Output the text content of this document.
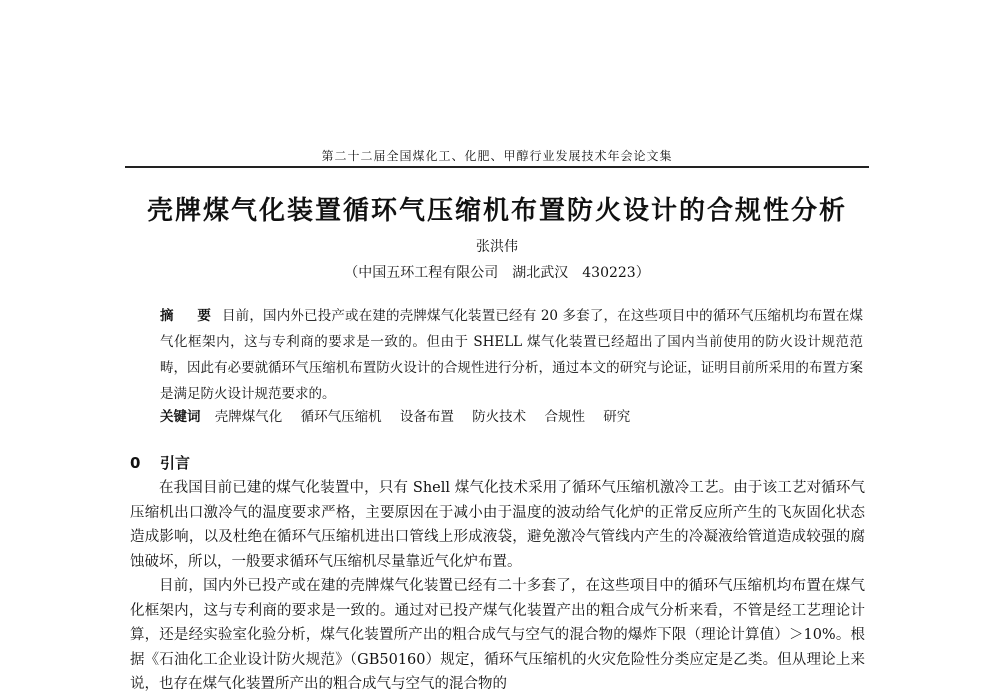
第二十二届全国煤化工、化肥、甲醇行业发展技术年会论文集
壳牌煤气化装置循环气压缩机布置防火设计的合规性分析
张洪伟
（中国五环工程有限公司　湖北武汉　430223）
摘　要 目前，国内外已投产或在建的壳牌煤气化装置已经有 20 多套了，在这些项目中的循环气压缩机均布置在煤气化框架内，这与专利商的要求是一致的。但由于 SHELL 煤气化装置已经超出了国内当前使用的防火设计规范范畴，因此有必要就循环气压缩机布置防火设计的合规性进行分析，通过本文的研究与论证，证明目前所采用的布置方案是满足防火设计规范要求的。
关键词 壳牌煤气化 循环气压缩机 设备布置 防火技术 合规性 研究
0 引言

在我国目前已建的煤气化装置中，只有 Shell 煤气化技术采用了循环气压缩机激冷工艺。由于该工艺对循环气压缩机出口激冷气的温度要求严格，主要原因在于减小由于温度的波动给气化炉的正常反应所产生的飞灰固化状态造成影响，以及杜绝在循环气压缩机进出口管线上形成液袋，避免激冷气管线内产生的冷凝液给管道造成较强的腐蚀破坏，所以，一般要求循环气压缩机尽量靠近气化炉布置。

目前，国内外已投产或在建的壳牌煤气化装置已经有二十多套了，在这些项目中的循环气压缩机均布置在煤气化框架内，这与专利商的要求是一致的。通过对已投产煤气化装置产出的粗合成气分析来看，不管是经工艺理论计算，还是经实验室化验分析，煤气化装置所产出的粗合成气与空气的混合物的爆炸下限（理论计算值）＞10%。根据《石油化工企业设计防火规范》（GB50160）规定，循环气压缩机的火灾危险性分类应定是乙类。但从理论上来说，也存在煤气化装置所产出的粗合成气与空气的混合物的
